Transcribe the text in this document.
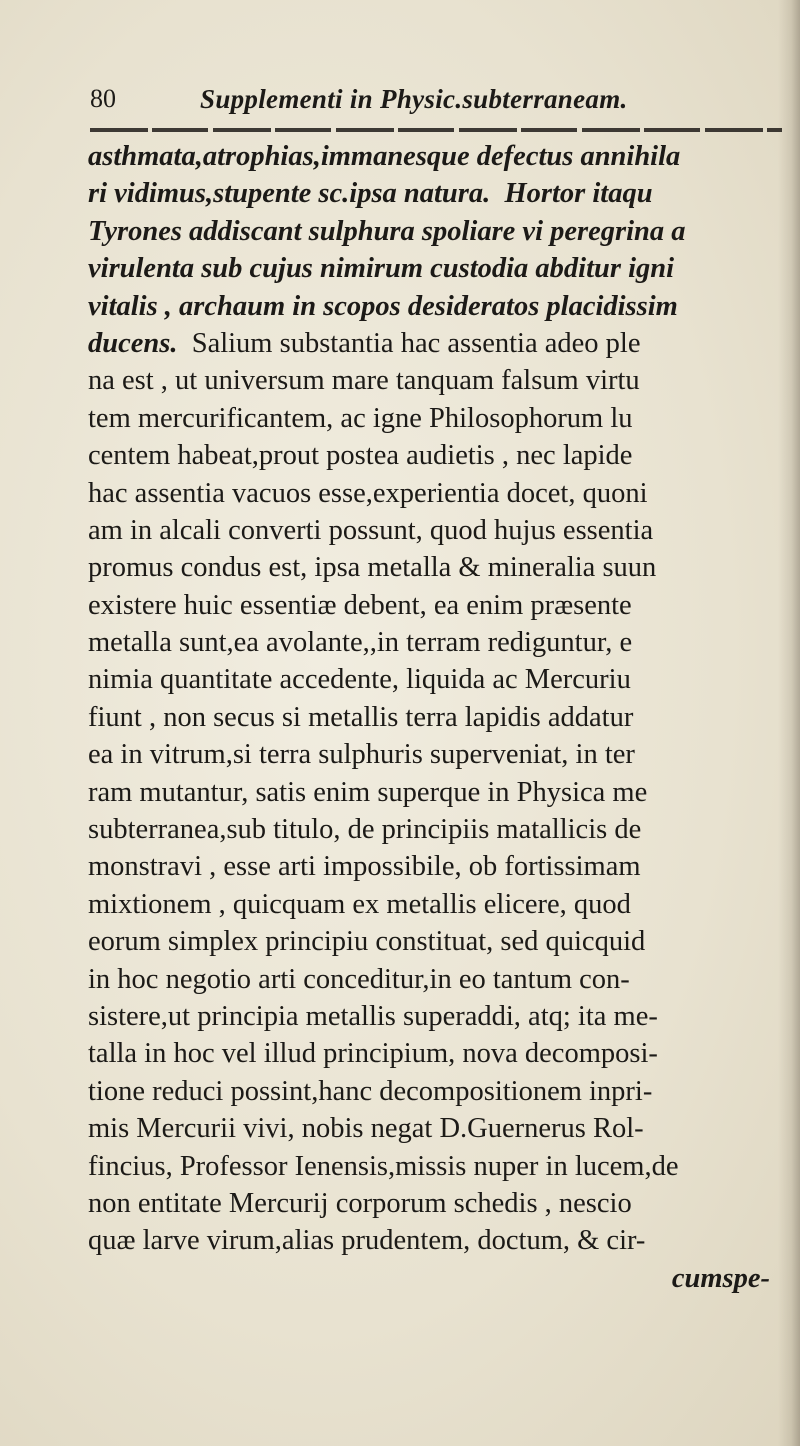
80	Supplementi in Physic.subterraneam.
asthmata,atrophias,immanesque defectus annihila
ri vidimus,stupente sc.ipsa natura.  Hortor itaqu
Tyrones addiscant sulphura spoliare vi peregrina a
virulenta sub cujus nimirum custodia abditur igni
vitalis , archaum in scopos desideratos placidissim
ducens.  Salium substantia hac assentia adeo ple
na est , ut universum mare tanquam falsum virtu
tem mercurificantem, ac igne Philosophorum lu
centem habeat,prout postea audietis , nec lapide
hac assentia vacuos esse,experientia docet, quoni
am in alcali converti possunt, quod hujus essentia
promus condus est, ipsa metalla & mineralia suun
existere huic essentiæ debent, ea enim præsente
metalla sunt,ea avolante,,in terram rediguntur, e
nimia quantitate accedente, liquida ac Mercuriu
fiunt , non secus si metallis terra lapidis addatur
ea in vitrum,si terra sulphuris superveniat, in ter
ram mutantur, satis enim superque in Physica me
subterranea,sub titulo, de principiis matallicis de
monstravi , esse arti impossibile, ob fortissimam
mixtionem , quicquam ex metallis elicere, quod
eorum simplex principiu constituat, sed quicquid
in hoc negotio arti conceditur,in eo tantum con-
sistere,ut principia metallis superaddi, atq; ita me-
talla in hoc vel illud principium, nova decomposi-
tione reduci possint,hanc decompositionem inpri-
mis Mercurii vivi, nobis negat D.Guernerus Rol-
fincius, Professor Ienensis,missis nuper in lucem,de
non entitate Mercurij corporum schedis , nescio
quæ larve virum,alias prudentem, doctum, & cir-
cumspe-
